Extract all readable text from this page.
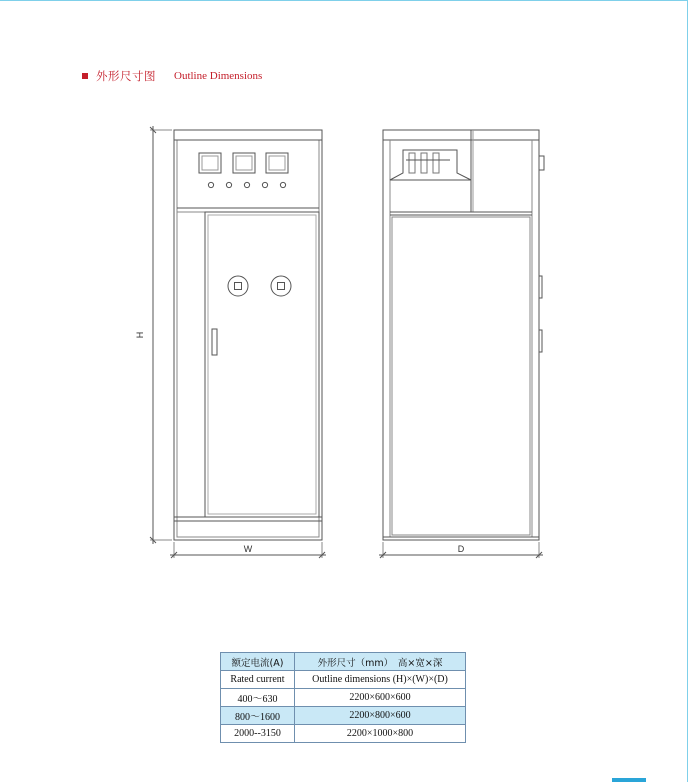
外形尺寸图 Outline Dimensions
H
W	D
额定电流(A)	外形尺寸（mm）　高×宽×深
Rated current	Outline dimensions (H)×(W)×(D)
400～630	2200×600×600
800～1600	2200×800×600
2000--3150	2200×1000×800
